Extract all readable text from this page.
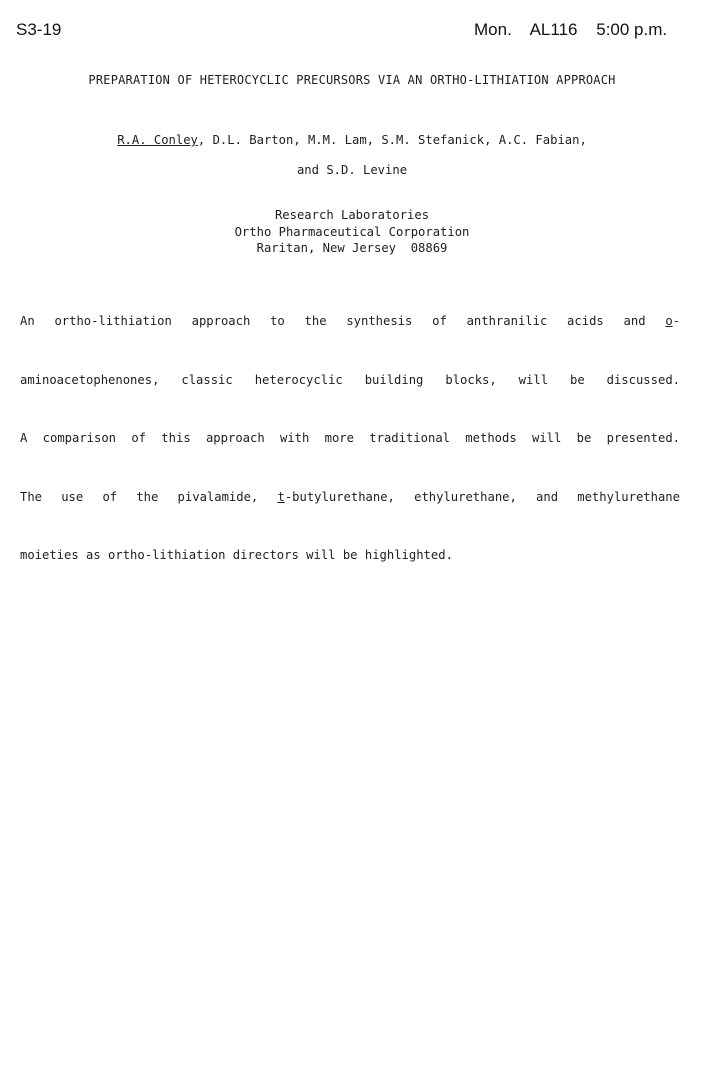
S3-19	Mon. AL116 5:00 p.m.
PREPARATION OF HETEROCYCLIC PRECURSORS VIA AN ORTHO-LITHIATION APPROACH
R.A. Conley, D.L. Barton, M.M. Lam, S.M. Stefanick, A.C. Fabian,
and S.D. Levine
Research Laboratories
Ortho Pharmaceutical Corporation
Raritan, New Jersey  08869

An ortho-lithiation approach to the synthesis of anthranilic acids and o-

aminoacetophenones, classic heterocyclic building blocks, will be discussed.

A comparison of this approach with more traditional methods will be presented.

The use of the pivalamide, t-butylurethane, ethylurethane, and methylurethane

moieties as ortho-lithiation directors will be highlighted.
